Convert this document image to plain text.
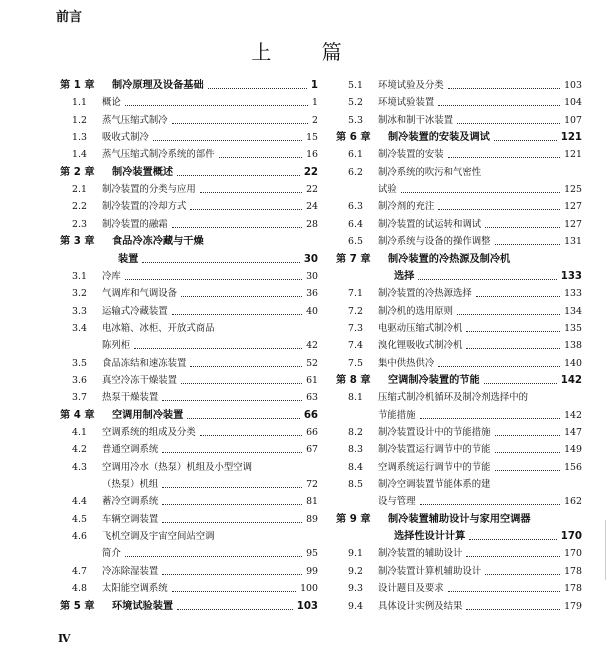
前言
上 篇
第 1 章 制冷原理及设备基础	1
1.1 概论	1
1.2 蒸气压缩式制冷	2
1.3 吸收式制冷	15
1.4 蒸气压缩式制冷系统的部件	16
第 2 章 制冷装置概述	22
2.1 制冷装置的分类与应用	22
2.2 制冷装置的冷却方式	24
2.3 制冷装置的融霜	28
第 3 章 食品冷冻冷藏与干燥
装置	30
3.1 冷库	30
3.2 气调库和气调设备	36
3.3 运输式冷藏装置	40
3.4 电冰箱、冰柜、开放式商品
陈列柜	42
3.5 食品冻结和速冻装置	52
3.6 真空冷冻干燥装置	61
3.7 热泵干燥装置	63
第 4 章 空调用制冷装置	66
4.1 空调系统的组成及分类	66
4.2 普通空调系统	67
4.3 空调用冷水（热泵）机组及小型空调
（热泵）机组	72
4.4 蓄冷空调系统	81
4.5 车辆空调装置	89
4.6 飞机空调及宇宙空间站空调
简介	95
4.7 冷冻除湿装置	99
4.8 太阳能空调系统	100
第 5 章 环境试验装置	103
5.1 环境试验及分类	103
5.2 环境试验装置	104
5.3 制冰和制干冰装置	107
第 6 章 制冷装置的安装及调试	121
6.1 制冷装置的安装	121
6.2 制冷系统的吹污和气密性
试验	125
6.3 制冷剂的充注	127
6.4 制冷装置的试运转和调试	127
6.5 制冷系统与设备的操作调整	131
第 7 章 制冷装置的冷热源及制冷机
选择	133
7.1 制冷装置的冷热源选择	133
7.2 制冷机的选用原则	134
7.3 电驱动压缩式制冷机	135
7.4 溴化锂吸收式制冷机	138
7.5 集中供热供冷	140
第 8 章 空调制冷装置的节能	142
8.1 压缩式制冷机循环及制冷剂选择中的
节能措施	142
8.2 制冷装置设计中的节能措施	147
8.3 制冷装置运行调节中的节能	149
8.4 空调系统运行调节中的节能	156
8.5 制冷空调装置节能体系的建
设与管理	162
第 9 章 制冷装置辅助设计与家用空调器
选择性设计计算	170
9.1 制冷装置的辅助设计	170
9.2 制冷装置计算机辅助设计	178
9.3 设计题目及要求	178
9.4 具体设计实例及结果	179
Ⅳ
